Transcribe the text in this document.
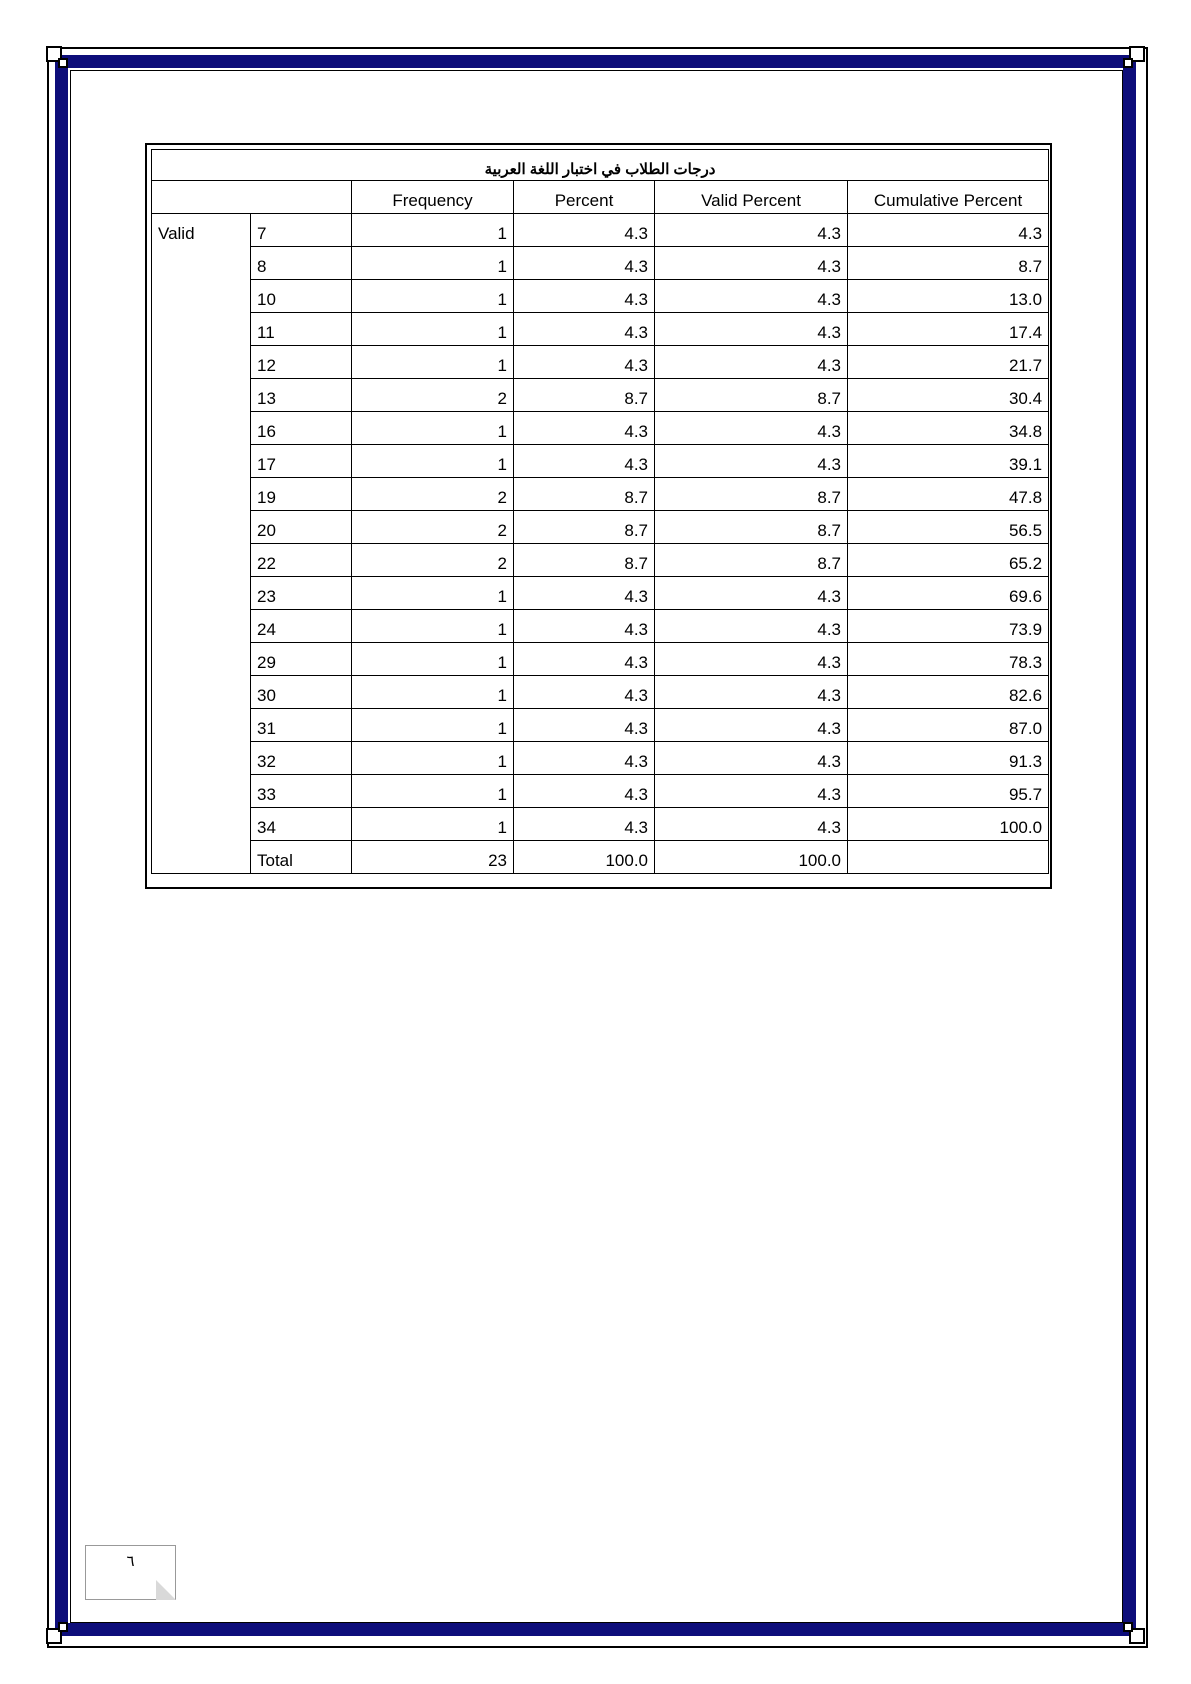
درجات الطلاب في اختبار اللغة العربية					
		Frequency	Percent	Valid Percent	Cumulative Percent
Valid	7	1	4.3	4.3	4.3
	8	1	4.3	4.3	8.7
	10	1	4.3	4.3	13.0
	11	1	4.3	4.3	17.4
	12	1	4.3	4.3	21.7
	13	2	8.7	8.7	30.4
	16	1	4.3	4.3	34.8
	17	1	4.3	4.3	39.1
	19	2	8.7	8.7	47.8
	20	2	8.7	8.7	56.5
	22	2	8.7	8.7	65.2
	23	1	4.3	4.3	69.6
	24	1	4.3	4.3	73.9
	29	1	4.3	4.3	78.3
	30	1	4.3	4.3	82.6
	31	1	4.3	4.3	87.0
	32	1	4.3	4.3	91.3
	33	1	4.3	4.3	95.7
	34	1	4.3	4.3	100.0
	Total	23	100.0	100.0	
٦
